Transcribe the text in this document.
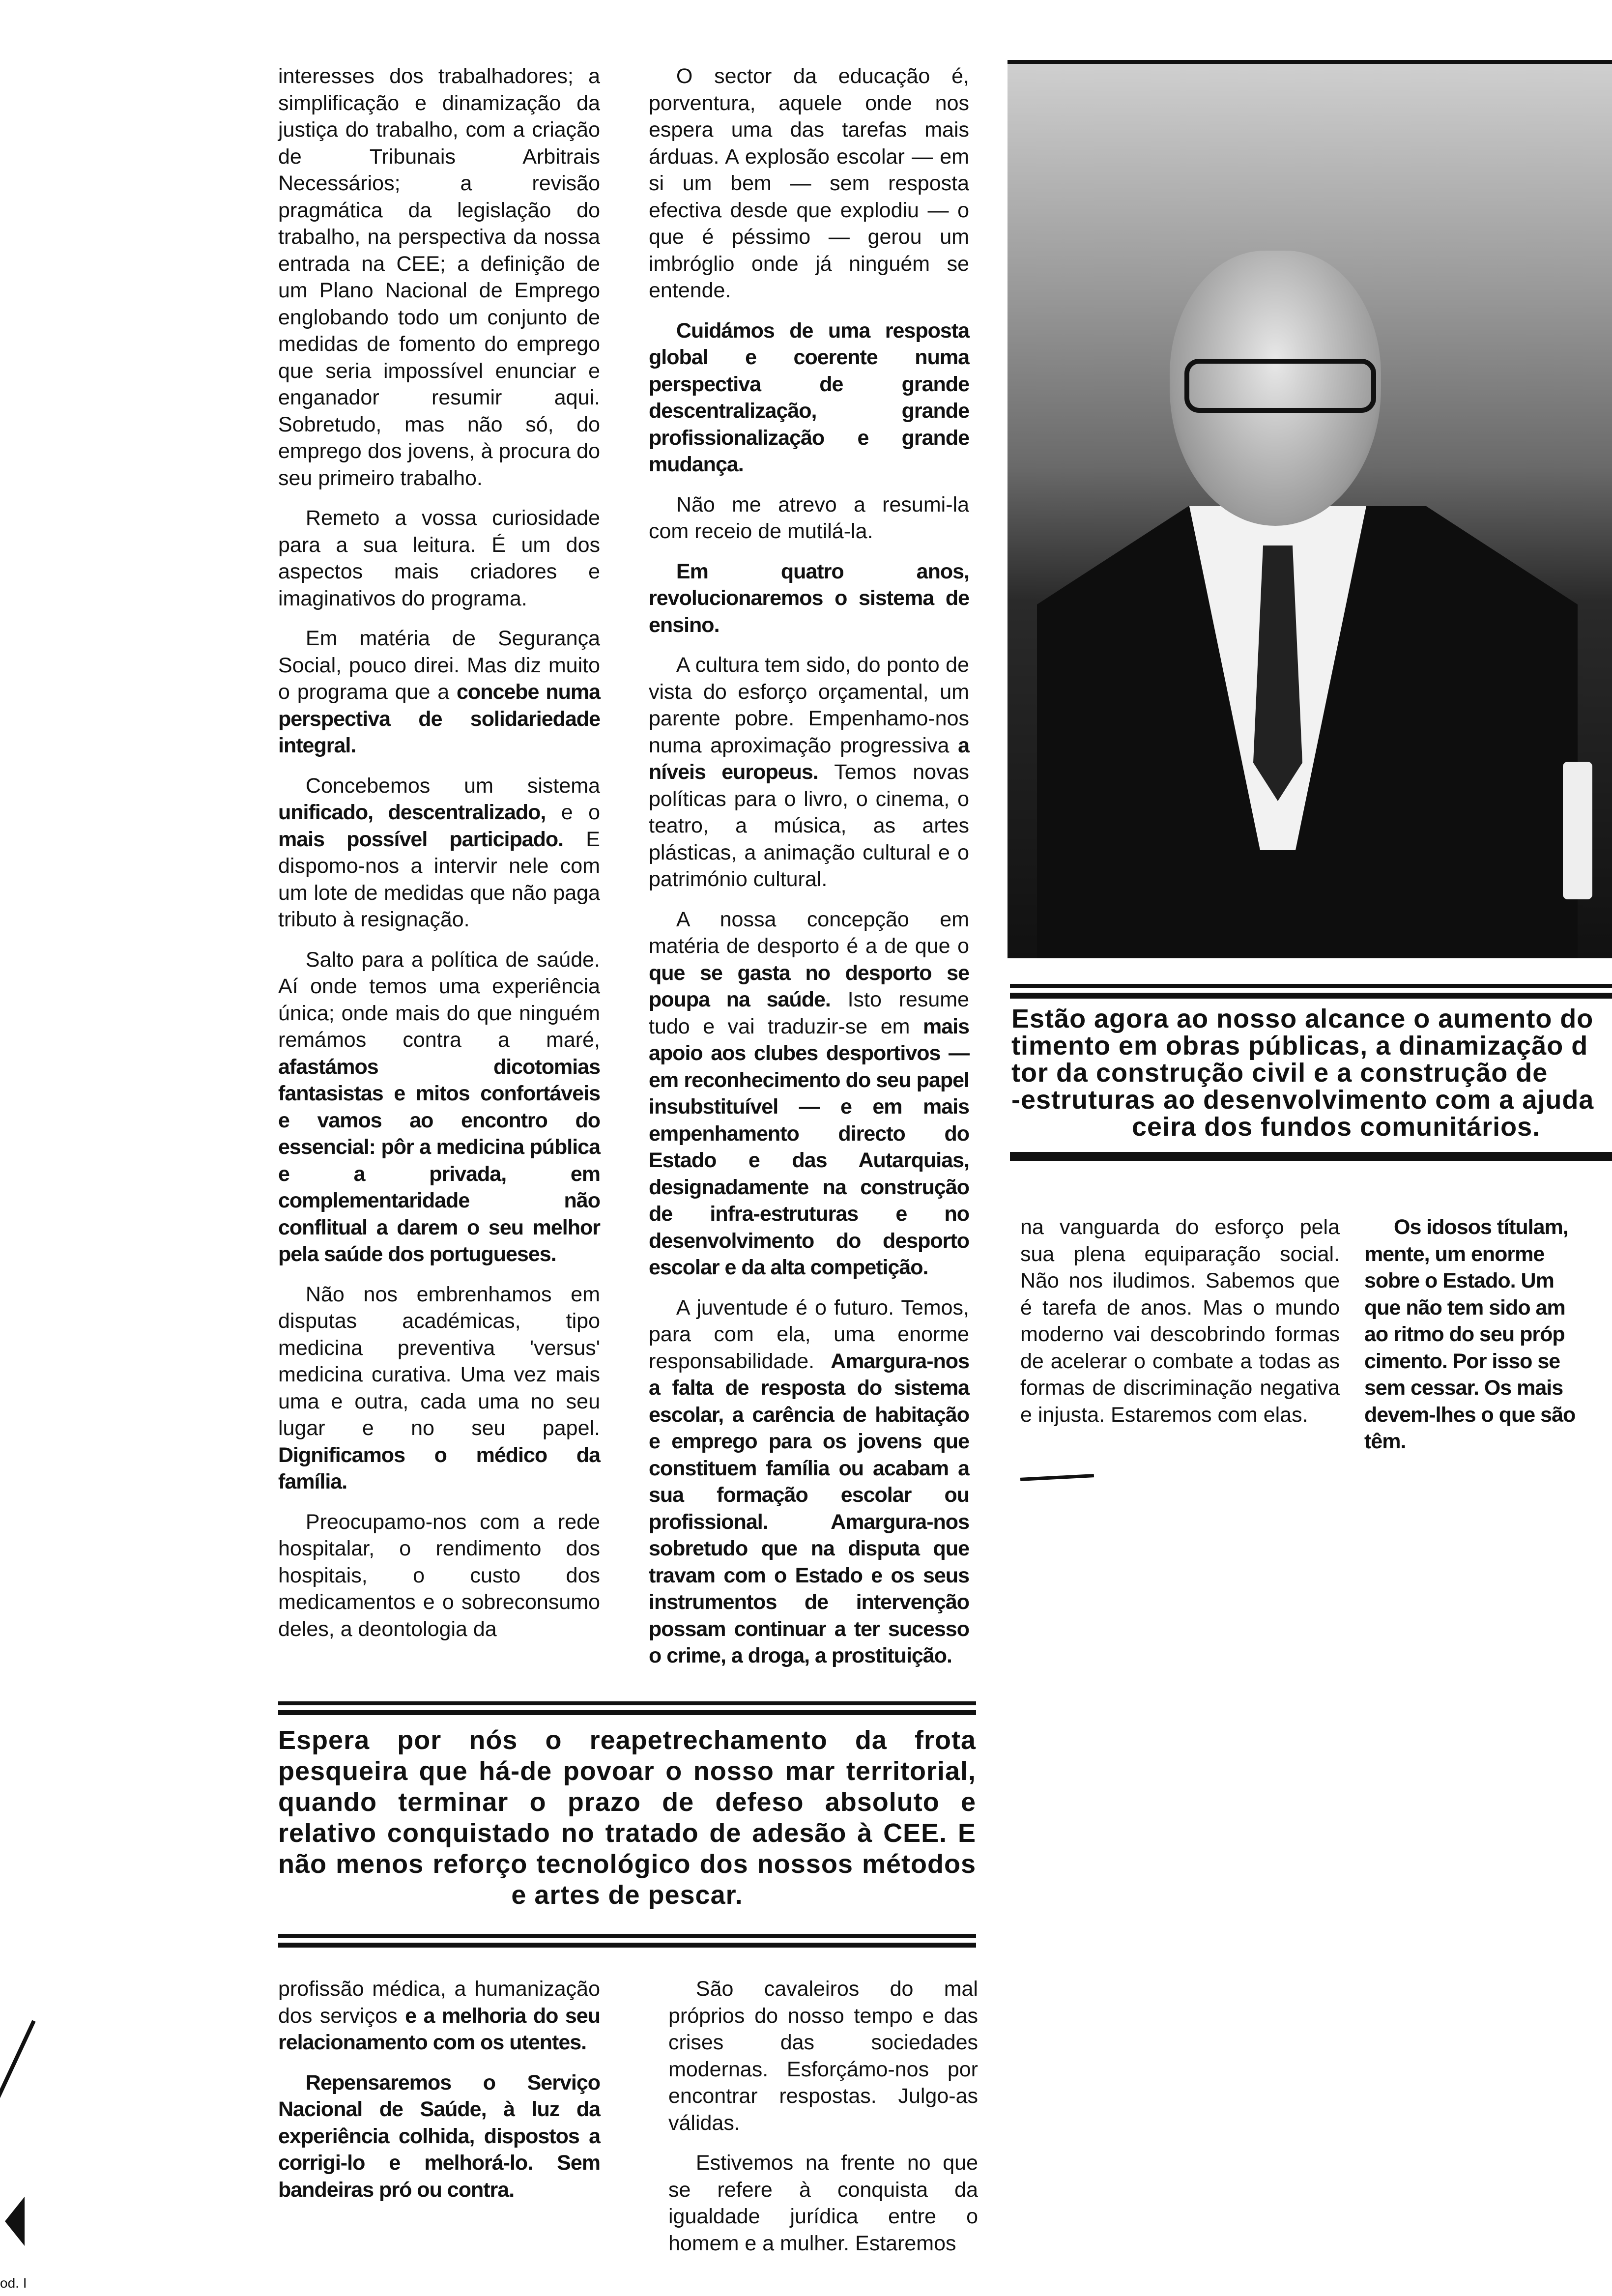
interesses dos trabalhadores; a simplificação e dinamização da justiça do trabalho, com a criação de Tribunais Arbitrais Necessários; a revisão pragmática da legislação do trabalho, na perspectiva da nossa entrada na CEE; a definição de um Plano Nacional de Emprego englobando todo um conjunto de medidas de fomento do emprego que seria impossível enunciar e enganador resumir aqui. Sobretudo, mas não só, do emprego dos jovens, à procura do seu primeiro trabalho.

Remeto a vossa curiosidade para a sua leitura. É um dos aspectos mais criadores e imaginativos do programa.

Em matéria de Segurança Social, pouco direi. Mas diz muito o programa que a concebe numa perspectiva de solidariedade integral.

Concebemos um sistema unificado, descentralizado, e o mais possível participado. E dispomo-nos a intervir nele com um lote de medidas que não paga tributo à resignação.

Salto para a política de saúde. Aí onde temos uma experiência única; onde mais do que ninguém remámos contra a maré, afastámos dicotomias fantasistas e mitos confortáveis e vamos ao encontro do essencial: pôr a medicina pública e a privada, em complementaridade não conflitual a darem o seu melhor pela saúde dos portugueses.

Não nos embrenhamos em disputas académicas, tipo medicina preventiva 'versus' medicina curativa. Uma vez mais uma e outra, cada uma no seu lugar e no seu papel. Dignificamos o médico da família.

Preocupamo-nos com a rede hospitalar, o rendimento dos hospitais, o custo dos medicamentos e o sobreconsumo deles, a deontologia da

O sector da educação é, porventura, aquele onde nos espera uma das tarefas mais árduas. A explosão escolar — em si um bem — sem resposta efectiva desde que explodiu — o que é péssimo — gerou um imbróglio onde já ninguém se entende.

Cuidámos de uma resposta global e coerente numa perspectiva de grande descentralização, grande profissionalização e grande mudança.

Não me atrevo a resumi-la com receio de mutilá-la.

Em quatro anos, revolucionaremos o sistema de ensino.

A cultura tem sido, do ponto de vista do esforço orçamental, um parente pobre. Empenhamo-nos numa aproximação progressiva a níveis europeus. Temos novas políticas para o livro, o cinema, o teatro, a música, as artes plásticas, a animação cultural e o património cultural.

A nossa concepção em matéria de desporto é a de que o que se gasta no desporto se poupa na saúde. Isto resume tudo e vai traduzir-se em mais apoio aos clubes desportivos — em reconhecimento do seu papel insubstituível — e em mais empenhamento directo do Estado e das Autarquias, designadamente na construção de infra-estruturas e no desenvolvimento do desporto escolar e da alta competição.

A juventude é o futuro. Temos, para com ela, uma enorme responsabilidade. Amargura-nos a falta de resposta do sistema escolar, a carência de habitação e emprego para os jovens que constituem família ou acabam a sua formação escolar ou profissional. Amargura-nos sobretudo que na disputa que travam com o Estado e os seus instrumentos de intervenção possam continuar a ter sucesso o crime, a droga, a prostituição.

Estão agora ao nosso alcance o aumento do
timento em obras públicas, a dinamização d
tor da construção civil e a construção de
-estruturas ao desenvolvimento com a ajuda
ceira dos fundos comunitários.

na vanguarda do esforço pela sua plena equiparação social. Não nos iludimos. Sabemos que é tarefa de anos. Mas o mundo moderno vai descobrindo formas de acelerar o combate a todas as formas de discriminação negativa e injusta. Estaremos com elas.

Os idosos títulam,
mente, um enorme
sobre o Estado. Um
que não tem sido am
ao ritmo do seu próp
cimento. Por isso se
sem cessar. Os mais
devem-lhes o que são
têm.
Espera por nós o reapetrechamento da frota pesqueira que há-de povoar o nosso mar territorial, quando terminar o prazo de defeso absoluto e relativo conquistado no tratado de adesão à CEE. E não menos reforço tecnológico dos nossos métodos e artes de pescar.

profissão médica, a humanização dos serviços e a melhoria do seu relacionamento com os utentes.

Repensaremos o Serviço Nacional de Saúde, à luz da experiência colhida, dispostos a corrigi-lo e melhorá-lo. Sem bandeiras pró ou contra.

São cavaleiros do mal próprios do nosso tempo e das crises das sociedades modernas. Esforçámo-nos por encontrar respostas. Julgo-as válidas.

Estivemos na frente no que se refere à conquista da igualdade jurídica entre o homem e a mulher. Estaremos

od. I
